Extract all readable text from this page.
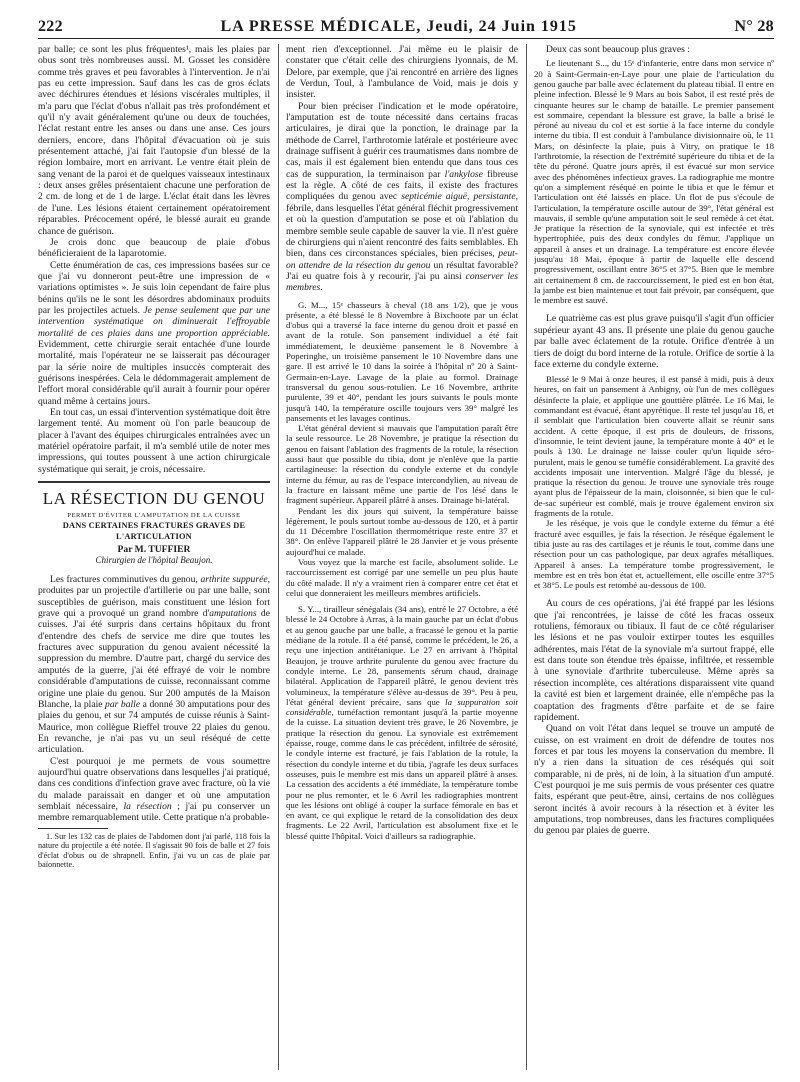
222	LA PRESSE MÉDICALE, Jeudi, 24 Juin 1915	N° 28

par balle; ce sont les plus fréquentes¹, mais les plaies par obus sont très nombreuses aussi. M. Gosset les considère comme très graves et peu favorables à l'intervention. Je n'ai pas eu cette impression. Sauf dans les cas de gros éclats avec déchirures étendues et lésions viscérales multiples, il m'a paru que l'éclat d'obus n'allait pas très profondément et qu'il n'y avait généralement qu'une ou deux de touchées, l'éclat restant entre les anses ou dans une anse. Ces jours derniers, encore, dans l'hôpital d'évacuation où je suis présentement attaché, j'ai fait l'autopsie d'un blessé de la région lombaire, mort en arrivant. Le ventre était plein de sang venant de la paroi et de quelques vaisseaux intestinaux : deux anses grêles présentaient chacune une perforation de 2 cm. de long et de 1 de large. L'éclat était dans les lèvres de l'une. Les lésions étaient certainement opératoirement réparables. Précocement opéré, le blessé aurait eu grande chance de guérison.

Je crois donc que beaucoup de plaie d'obus bénéficieraient de la laparotomie.

Cette énumération de cas, ces impressions basées sur ce que j'ai vu donneront peut-être une impression de « variations optimistes ». Je suis loin cependant de faire plus bénins qu'ils ne le sont les désordres abdominaux produits par les projectiles actuels. Je pense seulement que par une intervention systématique on diminuerait l'effroyable mortalité de ces plaies dans une proportion appréciable. Evidemment, cette chirurgie serait entachée d'une lourde mortalité, mais l'opérateur ne se laisserait pas décourager par la série noire de multiples insuccès compterait des guérisons inespérées. Cela le dédommagerait amplement de l'effort moral considérable qu'il aurait à fournir pour opérer quand même à certains jours.

En tout cas, un essai d'intervention systématique doit être largement tenté. Au moment où l'on parle beaucoup de placer à l'avant des équipes chirurgicales entraînées avec un matériel opératoire parfait, il m'a semblé utile de noter mes impressions, qui toutes poussent à une action chirurgicale systématique qui serait, je crois, nécessaire.

LA RÉSECTION DU GENOU
PERMET D'ÉVITER L'AMPUTATION DE LA CUISSE
DANS CERTAINES FRACTURES GRAVES DE L'ARTICULATION
Par M. TUFFIER
Chirurgien de l'hôpital Beaujon.

Les fractures comminutives du genou, arthrite suppurée, produites par un projectile d'artillerie ou par une balle, sont susceptibles de guérison, mais constituent une lésion fort grave qui a provoqué un grand nombre d'amputations de cuisses. J'ai été surpris dans certains hôpitaux du front d'entendre des chefs de service me dire que toutes les fractures avec suppuration du genou avaient nécessité la suppression du membre. D'autre part, chargé du service des amputés de la guerre, j'ai été effrayé de voir le nombre considérable d'amputations de cuisse, reconnaissant comme origine une plaie du genou. Sur 200 amputés de la Maison Blanche, la plaie par balle a donné 30 amputations pour des plaies du genou, et sur 74 amputés de cuisse réunis à Saint-Maurice, mon collègue Rieffel trouve 22 plaies du genou. En revanche, je n'ai pas vu un seul réséqué de cette articulation.

C'est pourquoi je me permets de vous soumettre aujourd'hui quatre observations dans lesquelles j'ai pratiqué, dans ces conditions d'infection grave avec fracture, où la vie du malade paraissait en danger et où une amputation semblait nécessaire, la résection ; j'ai pu conserver un membre remarquablement utile. Cette pratique n'a probable-

1. Sur les 132 cas de plaies de l'abdomen dont j'ai parlé, 118 fois la nature du projectile a été notée. Il s'agissait 90 fois de balle et 27 fois d'éclat d'obus ou de shrapnell. Enfin, j'ai vu un cas de plaie par baïonnette.

ment rien d'exceptionnel. J'ai même eu le plaisir de constater que c'était celle des chirurgiens lyonnais, de M. Delore, par exemple, que j'ai rencontré en arrière des lignes de Verdun, Toul, à l'ambulance de Void, mais je dois y insister.

Pour bien préciser l'indication et le mode opératoire, l'amputation est de toute nécessité dans certains fracas articulaires, je dirai que la ponction, le drainage par la méthode de Carrel, l'arthrotomie latérale et postérieure avec drainage suffisent à guérir ces traumatismes dans nombre de cas, mais il est également bien entendu que dans tous ces cas de suppuration, la terminaison par l'ankylose fibreuse est la règle. A côté de ces faits, il existe des fractures compliquées du genou avec septicémie aiguë, persistante, fébrile, dans lesquelles l'état général fléchit progressivement et où la question d'amputation se pose et où l'ablation du membre semble seule capable de sauver la vie. Il n'est guère de chirurgiens qui n'aient rencontré des faits semblables. Eh bien, dans ces circonstances spéciales, bien précises, peut-on attendre de la résection du genou un résultat favorable? J'ai eu quatre fois à y recourir, j'ai pu ainsi conserver les membres.

G. M..., 15ᵉ chasseurs à cheval (18 ans 1/2), que je vous présente, a été blessé le 8 Novembre à Bixchoote par un éclat d'obus qui a traversé la face interne du genou droit et passé en avant de la rotule. Son pansement individuel a été fait immédiatement, le deuxième pansement le 8 Novembre à Poperinghe, un troisième pansement le 10 Novembre dans une gare. Il est arrivé le 10 dans la soirée à l'hôpital nº 20 à Saint-Germain-en-Laye. Lavage de la plaie au formol. Drainage transversal du genou sous-rotulien. Le 16 Novembre, arthrite purulente, 39 et 40°, pendant les jours suivants le pouls monte jusqu'à 140, la température oscille toujours vers 39° malgré les pansements et les lavages continus.

L'état général devient si mauvais que l'amputation paraît être la seule ressource. Le 28 Novembre, je pratique la résection du genou en faisant l'ablation des fragments de la rotule, la résection aussi haut que possible du tibia, dont je n'enlève que la partie cartilagineuse: la résection du condyle externe et du condyle interne du fémur, au ras de l'espace intercondylien, au niveau de la fracture en laissant même une partie de l'os lésé dans le fragment supérieur. Appareil plâtré à anses. Drainage bi-latéral.

Pendant les dix jours qui suivent, la température baisse légèrement, le pouls surtout tombe au-dessous de 120, et à partir du 11 Décembre l'oscillation thermométrique reste entre 37 et 38°. On enlève l'appareil plâtré le 28 Janvier et je vous présente aujourd'hui ce malade.

Vous voyez que la marche est facile, absolument solide. Le raccourcissement est corrigé par une semelle un peu plus haute du côté malade. Il n'y a vraiment rien à comparer entre cet état et celui que donneraient les meilleurs membres artificiels.

S. Y..., tirailleur sénégalais (34 ans), entré le 27 Octobre, a été blessé le 24 Octobre à Arras, à la main gauche par un éclat d'obus et au genou gauche par une balle, a fracassé le genou et la partie médiane de la rotule. Il a été pansé, comme le précédent, le 26, a reçu une injection antitétanique. Le 27 en arrivant à l'hôpital Beaujon, je trouve arthrite purulente du genou avec fracture du condyle interne. Le 28, pansements sérum chaud, drainage bilatéral. Application de l'appareil plâtré, le genou devient très volumineux, la température s'élève au-dessus de 39°. Peu à peu, l'état général devient précaire, sans que la suppuration soit considérable, tuméfaction remontant jusqu'à la partie moyenne de la cuisse. La situation devient très grave, le 26 Novembre, je pratique la résection du genou. La synoviale est extrêmement épaisse, rouge, comme dans le cas précédent, infiltrée de sérosité, le condyle interne est fracturé, je fais l'ablation de la rotule, la résection du condyle interne et du tibia, j'agrafe les deux surfaces osseuses, puis le membre est mis dans un appareil plâtré à anses. La cessation des accidents a été immédiate, la température tombe pour ne plus remonter, et le 6 Avril les radiographies montrent que les lésions ont obligé à couper la surface fémorale en bas et en avant, ce qui explique le retard de la consolidation des deux fragments. Le 22 Avril, l'articulation est absolument fixe et le blessé quitte l'hôpital. Voici d'ailleurs sa radiographie.

Deux cas sont beaucoup plus graves :

Le lieutenant S..., du 15ᵉ d'infanterie, entre dans mon service nº 20 à Saint-Germain-en-Laye pour une plaie de l'articulation du genou gauche par balle avec éclatement du plateau tibial. Il entre en pleine infection. Blessé le 9 Mars au bois Sabot, il est resté près de cinquante heures sur le champ de bataille. Le premier pansement est sommaire, cependant la blessure est grave, la balle a brisé le péroné au niveau du col et est sortie à la face interne du condyle interne du tibia. Il est conduit à l'ambulance divisionnaire où, le 11 Mars, on désinfecte la plaie, puis à Vitry, on pratique le 18 l'arthrotomie, la résection de l'extrémité supérieure du tibia et de la tête du péroné. Quatre jours après, il est évacué sur mon service avec des phénomènes infectieux graves. La radiographie me montre qu'on a simplement réséqué en pointe le tibia et que le fémur et l'articulation ont été laissés en place. Un flot de pus s'écoule de l'articulation, la température oscille autour de 39°, l'état général est mauvais, il semble qu'une amputation soit le seul remède à cet état. Je pratique la résection de la synoviale, qui est infectée et très hypertrophiée, puis des deux condyles du fémur. J'applique un appareil à anses et un drainage. La température est encore élevée jusqu'au 18 Mai, époque à partir de laquelle elle descend progressivement, oscillant entre 36°5 et 37°5. Bien que le membre ait certainement 8 cm. de raccourcissement, le pied est en bon état, la jambe est bien maintenue et tout fait prévoir, par conséquent, que le membre est sauvé.

Le quatrième cas est plus grave puisqu'il s'agit d'un officier supérieur ayant 43 ans. Il présente une plaie du genou gauche par balle avec éclatement de la rotule. Orifice d'entrée à un tiers de doigt du bord interne de la rotule. Orifice de sortie à la face externe du condyle externe.

Blessé le 9 Mai à onze heures, il est pansé à midi, puis à deux heures, on fait un pansement à Anbigny, où l'un de mes collègues désinfecte la plaie, et applique une gouttière plâtrée. Le 16 Mai, le commandant est évacué, étant apyrétique. Il reste tel jusqu'au 18, et il semblait que l'articulation bien couverte allait se réunir sans accident. A cette époque, il est pris de douleurs, de frissons, d'insomnie, le teint devient jaune, la température monte à 40° et le pouls à 130. Le drainage ne laisse couler qu'un liquide séro-purulent, mais le genou se tuméfie considérablement. La gravité des accidents imposait une intervention. Malgré l'âge du blessé, je pratique la résection du genou. Je trouve une synoviale très rouge ayant plus de l'épaisseur de la main, cloisonnée, si bien que le cul-de-sac supérieur est comblé, mais je trouve également environ six fragments de la rotule.

Je les réséque, je vois que le condyle externe du fémur a été fracturé avec esquilles, je fais la résection. Je réséque également le tibia juste au ras des cartilages et je réunis le tout, comme dans une résection pour un cas pathologique, par deux agrafes métalliques. Appareil à anses. La température tombe progressivement, le membre est en très bon état et, actuellement, elle oscille entre 37°5 et 38°5. Le pouls est retombé au-dessous de 100.

Au cours de ces opérations, j'ai été frappé par les lésions que j'ai rencontrées, je laisse de côté les fracas osseux rotuliens, fémoraux ou tibiaux. Il faut de ce côté régulariser les lésions et ne pas vouloir extirper toutes les esquilles adhérentes, mais l'état de la synoviale m'a surtout frappé, elle est dans toute son étendue très épaisse, infiltrée, et ressemble à une synoviale d'arthrite tuberculeuse. Même après sa résection incomplète, ces altérations disparaissent vite quand la cavité est bien et largement drainée, elle n'empêche pas la coaptation des fragments d'être parfaite et de se faire rapidement.

Quand on voit l'état dans lequel se trouve un amputé de cuisse, on est vraiment en droit de défendre de toutes nos forces et par tous les moyens la conservation du membre. Il n'y a rien dans la situation de ces réséqués qui soit comparable, ni de près, ni de loin, à la situation d'un amputé. C'est pourquoi je me suis permis de vous présenter ces quatre faits, espérant que peut-être, ainsi, certains de nos collègues seront incités à avoir recours à la résection et à éviter les amputations, trop nombreuses, dans les fractures compliquées du genou par plaies de guerre.
